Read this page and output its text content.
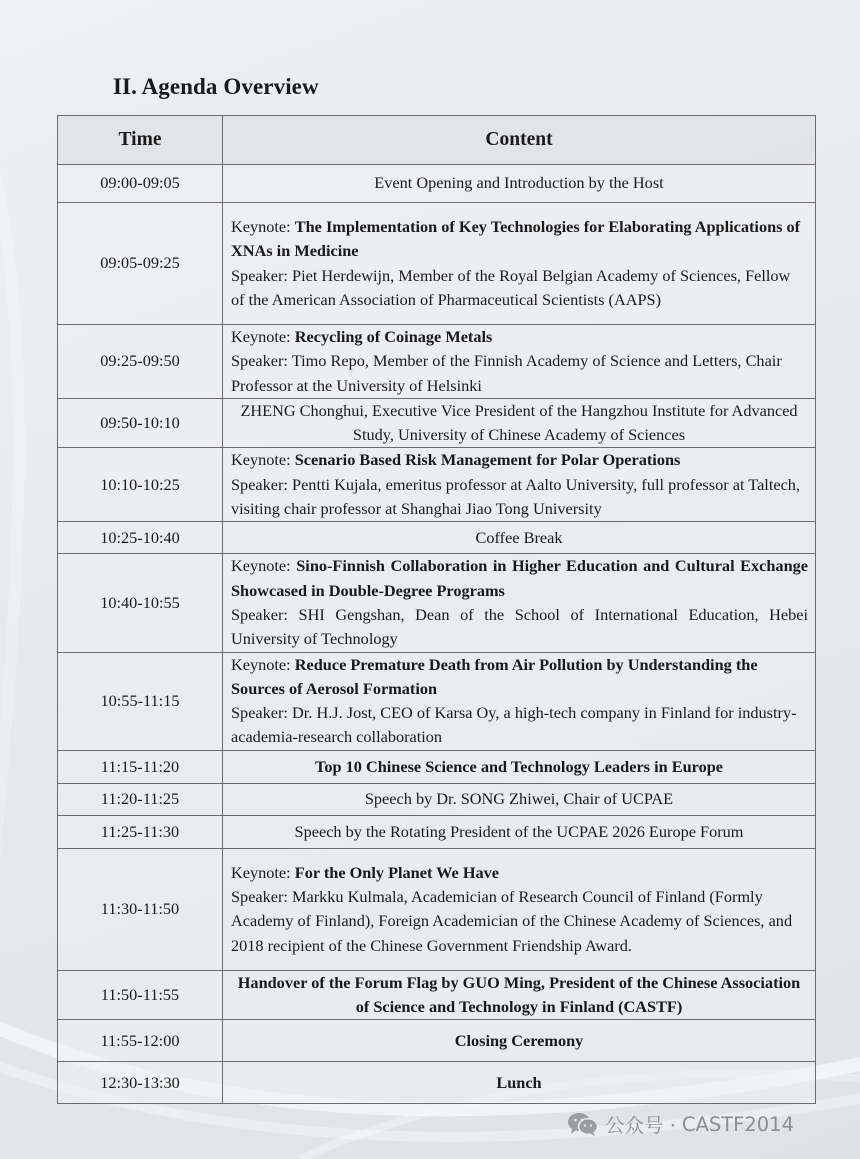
II. Agenda Overview
Time	Content
09:00-09:05	Event Opening and Introduction by the Host
09:05-09:25	Keynote: The Implementation of Key Technologies for Elaborating Applications of XNAs in Medicine
Speaker: Piet Herdewijn, Member of the Royal Belgian Academy of Sciences, Fellow of the American Association of Pharmaceutical Scientists (AAPS)
09:25-09:50	Keynote: Recycling of Coinage Metals
Speaker: Timo Repo, Member of the Finnish Academy of Science and Letters, Chair Professor at the University of Helsinki
09:50-10:10	ZHENG Chonghui, Executive Vice President of the Hangzhou Institute for Advanced Study, University of Chinese Academy of Sciences
10:10-10:25	Keynote: Scenario Based Risk Management for Polar Operations
Speaker: Pentti Kujala, emeritus professor at Aalto University, full professor at Taltech, visiting chair professor at Shanghai Jiao Tong University
10:25-10:40	Coffee Break
10:40-10:55	Keynote: Sino-Finnish Collaboration in Higher Education and Cultural Exchange Showcased in Double-Degree Programs
Speaker: SHI Gengshan, Dean of the School of International Education, Hebei University of Technology
10:55-11:15	Keynote: Reduce Premature Death from Air Pollution by Understanding the Sources of Aerosol Formation
Speaker: Dr. H.J. Jost, CEO of Karsa Oy, a high-tech company in Finland for industry-academia-research collaboration
11:15-11:20	Top 10 Chinese Science and Technology Leaders in Europe
11:20-11:25	Speech by Dr. SONG Zhiwei, Chair of UCPAE
11:25-11:30	Speech by the Rotating President of the UCPAE 2026 Europe Forum
11:30-11:50	Keynote: For the Only Planet We Have
Speaker: Markku Kulmala, Academician of Research Council of Finland (Formly Academy of Finland), Foreign Academician of the Chinese Academy of Sciences, and 2018 recipient of the Chinese Government Friendship Award.
11:50-11:55	Handover of the Forum Flag by GUO Ming, President of the Chinese Association of Science and Technology in Finland (CASTF)
11:55-12:00	Closing Ceremony
12:30-13:30	Lunch
公众号 · CASTF2014
